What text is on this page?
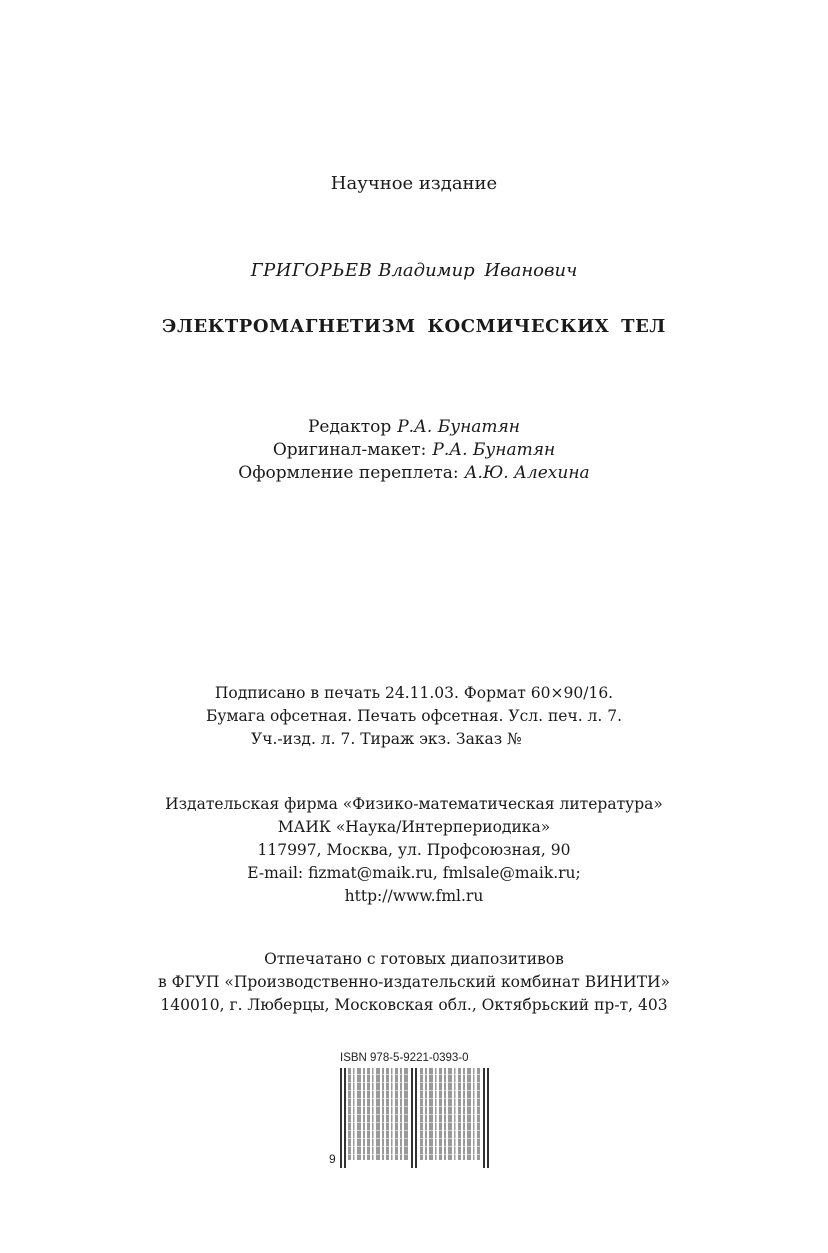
Научное издание
ГРИГОРЬЕВ Владимир Иванович
ЭЛЕКТРОМАГНЕТИЗМ КОСМИЧЕСКИХ ТЕЛ
Редактор Р.А. Бунатян
Оригинал-макет: Р.А. Бунатян
Оформление переплета: А.Ю. Алехина
Подписано в печать 24.11.03. Формат 60×90/16.
Бумага офсетная. Печать офсетная. Усл. печ. л. 7.
Уч.-изд. л. 7. Тираж экз. Заказ №
Издательская фирма «Физико-математическая литература»
МАИК «Наука/Интерпериодика»
117997, Москва, ул. Профсоюзная, 90
E-mail: fizmat@maik.ru, fmlsale@maik.ru;
http://www.fml.ru
Отпечатано с готовых диапозитивов
в ФГУП «Производственно-издательский комбинат ВИНИТИ»
140010, г. Люберцы, Московская обл., Октябрьский пр-т, 403
ISBN 978-5-9221-0393-0
9
